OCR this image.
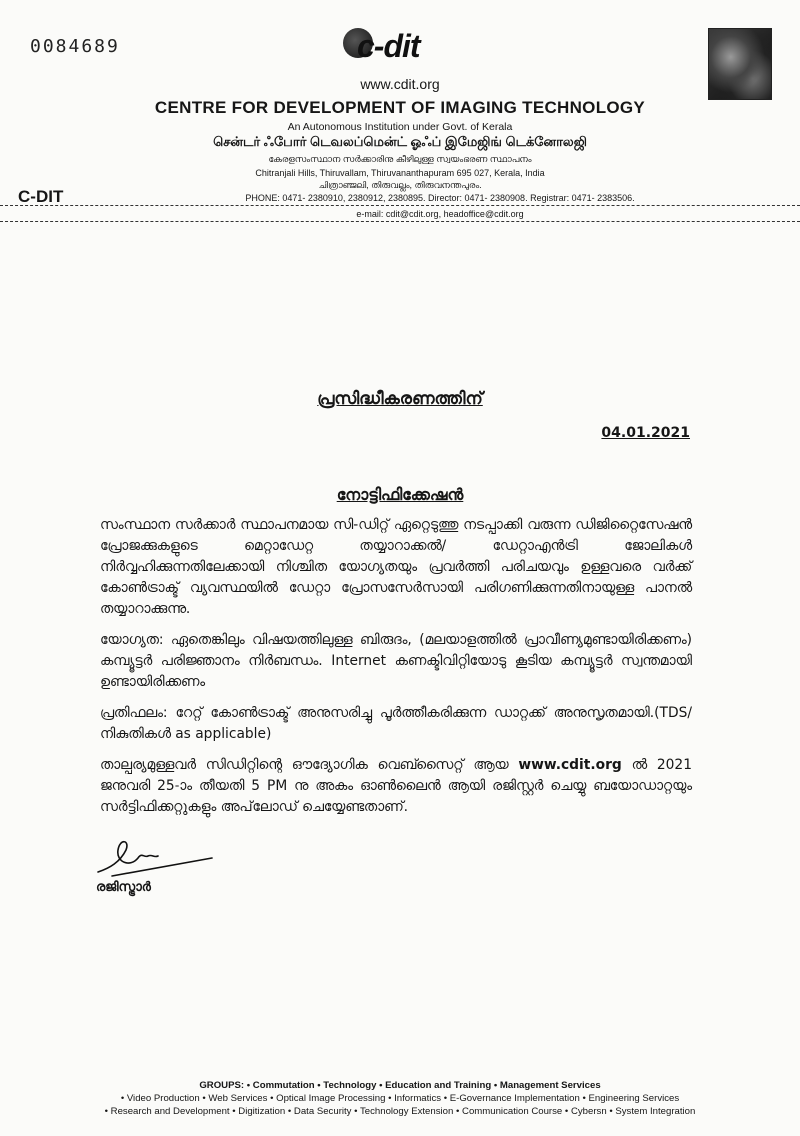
0084689	c-dit
www.cdit.org
CENTRE FOR DEVELOPMENT OF IMAGING TECHNOLOGY
An Autonomous Institution under Govt. of Kerala
சென்டர் ஃபோர் டெவலப்மென்ட் ஓஃப் இமேஜிங் டெக்னோலஜி
കേരളസംസ്ഥാന സർക്കാരിനു കീഴിലുള്ള സ്വയംഭരണ സ്ഥാപനം
Chitranjali Hills, Thiruvallam, Thiruvananthapuram 695 027, Kerala, India
ചിത്രാഞ്ജലി, തിരുവല്ലം, തിരുവനന്തപുരം.
PHONE: 0471- 2380910, 2380912, 2380895. Director: 0471- 2380908. Registrar: 0471- 2383506.
C-DIT
e-mail: cdit@cdit.org, headoffice@cdit.org
പ്രസിദ്ധീകരണത്തിന്
04.01.2021
നോട്ടിഫിക്കേഷൻ
സംസ്ഥാന സർക്കാർ സ്ഥാപനമായ സി-ഡിറ്റ് ഏറ്റെടുത്തു നടപ്പാക്കി വരുന്ന ഡിജിറ്റൈസേഷൻ പ്രോജക്കുകളുടെ മെറ്റാഡേറ്റ തയ്യാറാക്കൽ/ ഡേറ്റാഎൻട്രി ജോലികൾ നിർവ്വഹിക്കുന്നതിലേക്കായി നിശ്ചിത യോഗ്യതയും പ്രവർത്തി പരിചയവും ഉള്ളവരെ വർക്ക് കോൺട്രാക്ട് വ്യവസ്ഥയിൽ ഡേറ്റാ പ്രോസസേർസായി പരിഗണിക്കുന്നതിനായുള്ള പാനൽ തയ്യാറാക്കുന്നു.
യോഗ്യത: ഏതെങ്കിലും വിഷയത്തിലുള്ള ബിരുദം, (മലയാളത്തിൽ പ്രാവീണ്യമുണ്ടായിരിക്കണം) കമ്പ്യൂട്ടർ പരിജ്ഞാനം നിർബന്ധം. Internet കണക്ടിവിറ്റിയോടു കൂടിയ കമ്പ്യൂട്ടർ സ്വന്തമായി ഉണ്ടായിരിക്കണം
പ്രതിഫലം: റേറ്റ് കോൺട്രാക്ട് അനുസരിച്ചു പൂർത്തീകരിക്കുന്ന ഡാറ്റക്ക് അനുസൃതമായി.(TDS/ നികുതികൾ as applicable)
താല്പര്യമുള്ളവർ സിഡിറ്റിന്റെ ഔദ്യോഗിക വെബ്സൈറ്റ് ആയ www.cdit.org ൽ 2021 ജനുവരി 25-ാം തീയതി 5 PM നു അകം ഓൺലൈൻ ആയി രജിസ്റ്റർ ചെയ്യു ബയോഡാറ്റയും സർട്ടിഫിക്കറ്റുകളും അപ്‌ലോഡ് ചെയ്യേണ്ടതാണ്.
രജിസ്ട്രാർ
GROUPS: • Commutation • Technology • Education and Training • Management Services
• Video Production • Web Services • Optical Image Processing • Informatics • E-Governance Implementation • Engineering Services
• Research and Development • Digitization • Data Security • Technology Extension • Communication Course • Cybersn • System Integration
